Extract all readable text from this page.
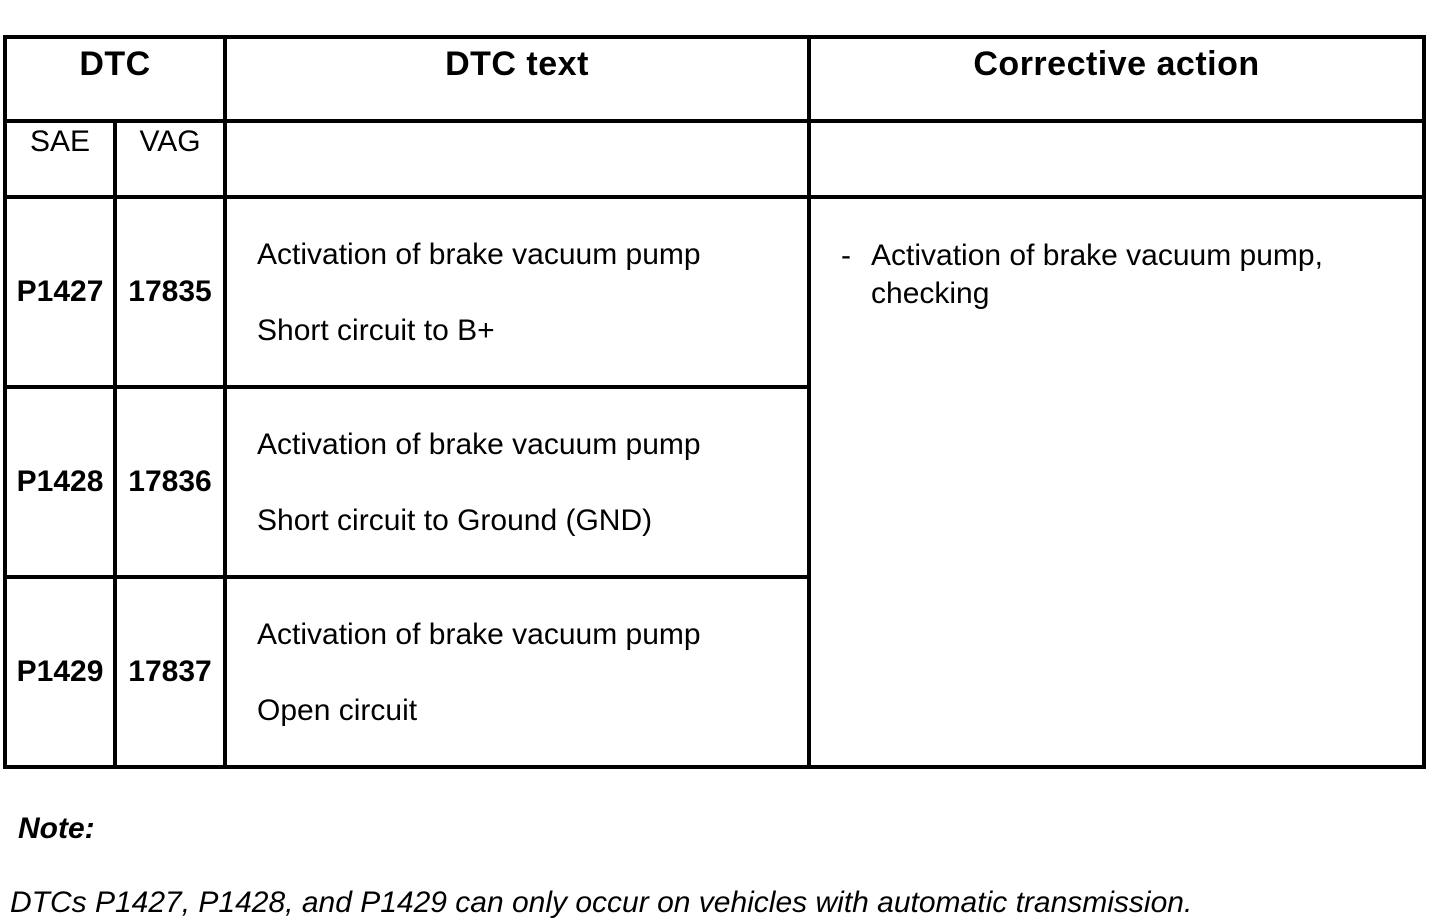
DTC		DTC text	Corrective action

SAE	VAG		

P1427	17835	Activation of brake vacuum pump
Short circuit to B+	- Activation of brake vacuum pump, checking

P1428	17836	Activation of brake vacuum pump
Short circuit to Ground (GND)	

P1429	17837	Activation of brake vacuum pump
Open circuit	
Note:
DTCs P1427, P1428, and P1429 can only occur on vehicles with automatic transmission.
